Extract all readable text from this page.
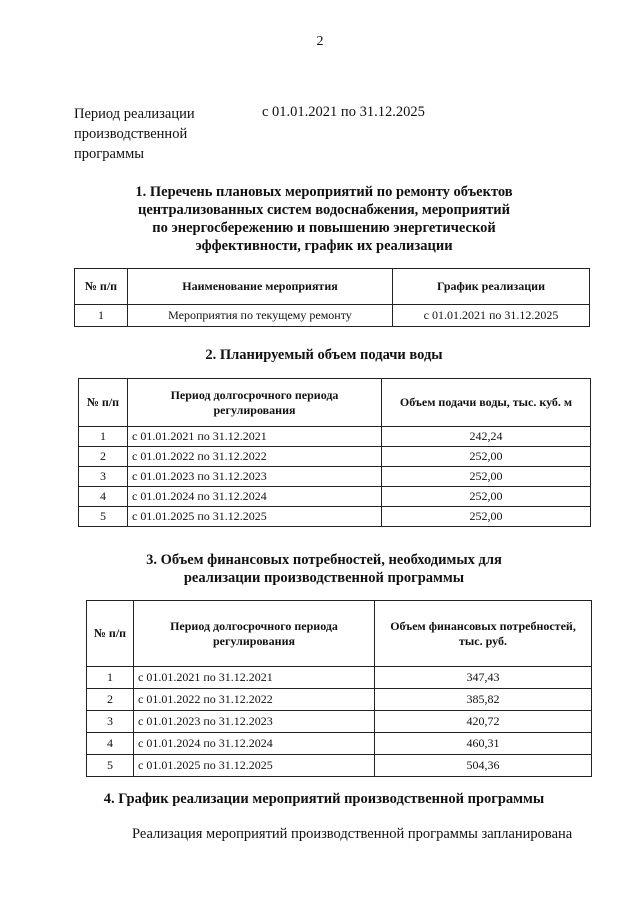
2
Период реализации
производственной
программы
с 01.01.2021 по 31.12.2025
1. Перечень плановых мероприятий по ремонту объектов
централизованных систем водоснабжения, мероприятий
по энергосбережению и повышению энергетической
эффективности, график их реализации
№ п/п	Наименование мероприятия	График реализации
1	Мероприятия по текущему ремонту	с 01.01.2021 по 31.12.2025
2. Планируемый объем подачи воды
№ п/п	Период долгосрочного периода регулирования	Объем подачи воды, тыс. куб. м
1	с 01.01.2021 по 31.12.2021	242,24
2	с 01.01.2022 по 31.12.2022	252,00
3	с 01.01.2023 по 31.12.2023	252,00
4	с 01.01.2024 по 31.12.2024	252,00
5	с 01.01.2025 по 31.12.2025	252,00
3. Объем финансовых потребностей, необходимых для
реализации производственной программы
№ п/п	Период долгосрочного периода регулирования	Объем финансовых потребностей, тыс. руб.
1	с 01.01.2021 по 31.12.2021	347,43
2	с 01.01.2022 по 31.12.2022	385,82
3	с 01.01.2023 по 31.12.2023	420,72
4	с 01.01.2024 по 31.12.2024	460,31
5	с 01.01.2025 по 31.12.2025	504,36
4. График реализации мероприятий производственной программы
Реализация мероприятий производственной программы запланирована
